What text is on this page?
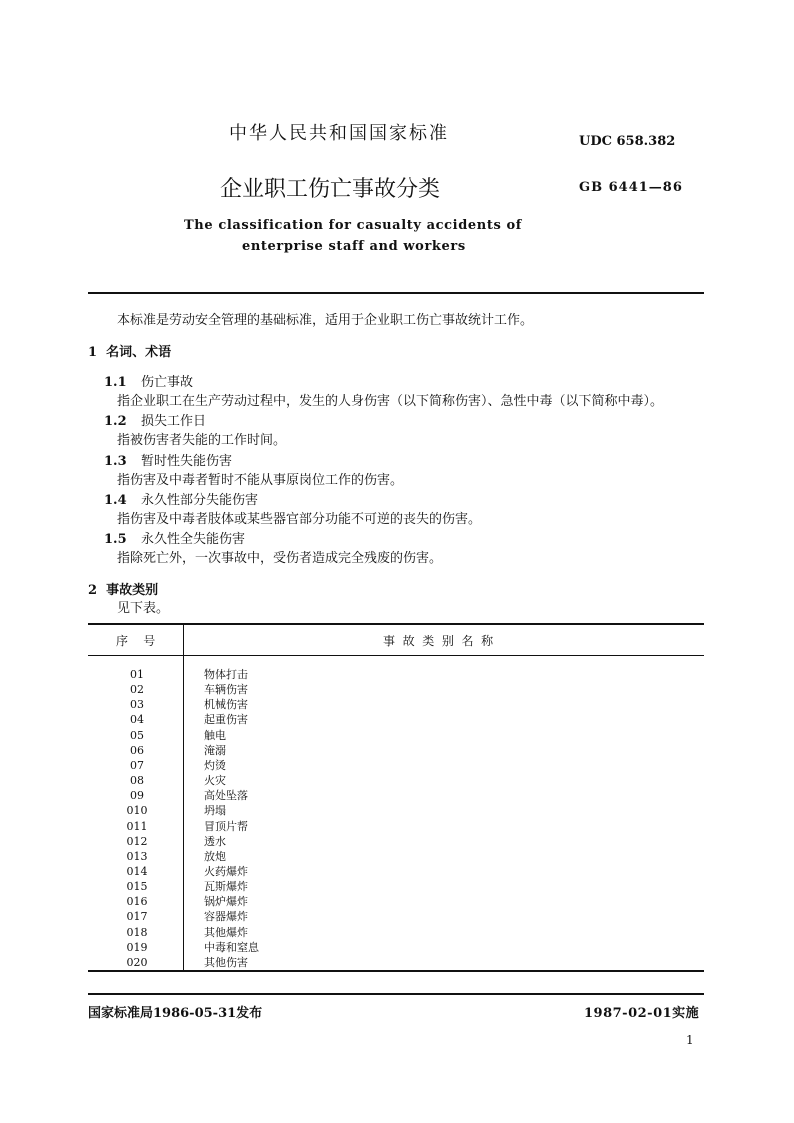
中华人民共和国国家标准	UDC 658.382
企业职工伤亡事故分类	GB 6441—86
The classification for casualty accidents of
enterprise staff and workers
本标准是劳动安全管理的基础标准，适用于企业职工伤亡事故统计工作。
1  名词、术语
1.1 伤亡事故
指企业职工在生产劳动过程中，发生的人身伤害（以下简称伤害）、急性中毒（以下简称中毒）。
1.2 损失工作日
指被伤害者失能的工作时间。
1.3 暂时性失能伤害
指伤害及中毒者暂时不能从事原岗位工作的伤害。
1.4 永久性部分失能伤害
指伤害及中毒者肢体或某些器官部分功能不可逆的丧失的伤害。
1.5 永久性全失能伤害
指除死亡外，一次事故中，受伤者造成完全残废的伤害。
2  事故类别
见下表。
序    号	事  故  类  别  名  称
01	物体打击
02	车辆伤害
03	机械伤害
04	起重伤害
05	触电
06	淹溺
07	灼烫
08	火灾
09	高处坠落
010	坍塌
011	冒顶片帮
012	透水
013	放炮
014	火药爆炸
015	瓦斯爆炸
016	锅炉爆炸
017	容器爆炸
018	其他爆炸
019	中毒和窒息
020	其他伤害
国家标准局1986-05-31发布	1987-02-01实施
1
